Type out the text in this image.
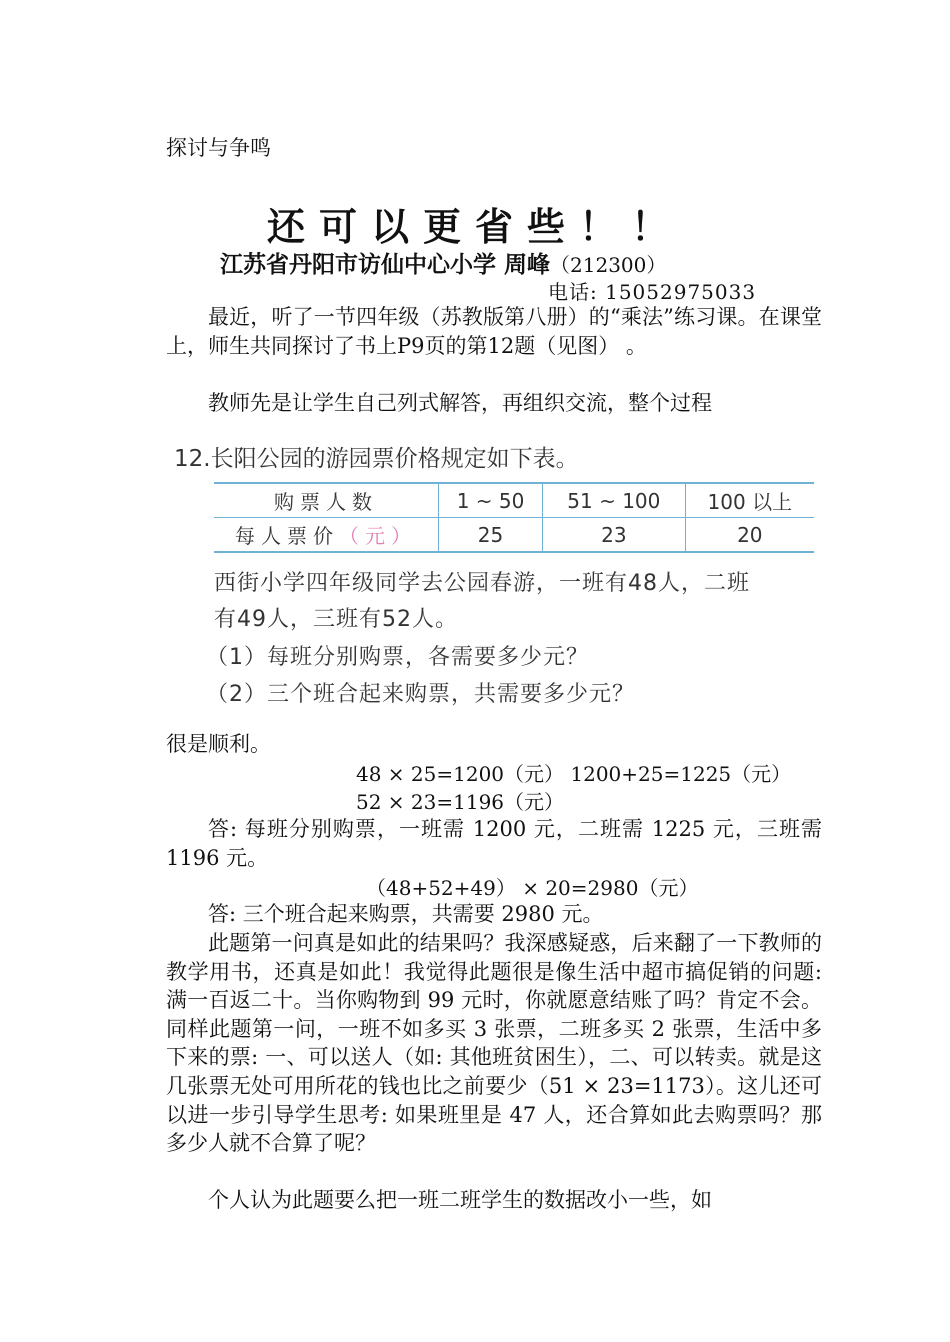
探讨与争鸣
还可以更省些！！
江苏省丹阳市访仙中心小学 周峰（212300）
电话: 15052975033
最近，听了一节四年级（苏教版第八册）的“乘法”练习课。在课堂上，师生共同探讨了书上P9页的第12题（见图） 。
教师先是让学生自己列式解答，再组织交流，整个过程
12.长阳公园的游园票价格规定如下表。
购票人数	1 ~ 50	51 ~ 100	100 以上
每人票价（元）	25	23	20
西街小学四年级同学去公园春游，一班有48人，二班
有49人，三班有52人。
（1）每班分别购票，各需要多少元？
（2）三个班合起来购票，共需要多少元？
很是顺利。
48 × 25=1200（元） 1200+25=1225（元）
52 × 23=1196（元）
答: 每班分别购票，一班需 1200 元，二班需 1225 元，三班需 1196 元。
（48+52+49） × 20=2980（元）
答: 三个班合起来购票，共需要 2980 元。
此题第一问真是如此的结果吗？我深感疑惑，后来翻了一下教师的教学用书，还真是如此！我觉得此题很是像生活中超市搞促销的问题: 满一百返二十。当你购物到 99 元时，你就愿意结账了吗？肯定不会。同样此题第一问，一班不如多买 3 张票，二班多买 2 张票，生活中多下来的票: 一、可以送人（如: 其他班贫困生），二、可以转卖。就是这几张票无处可用所花的钱也比之前要少（51 × 23=1173）。这儿还可以进一步引导学生思考: 如果班里是 47 人，还合算如此去购票吗？那多少人就不合算了呢？
个人认为此题要么把一班二班学生的数据改小一些，如
